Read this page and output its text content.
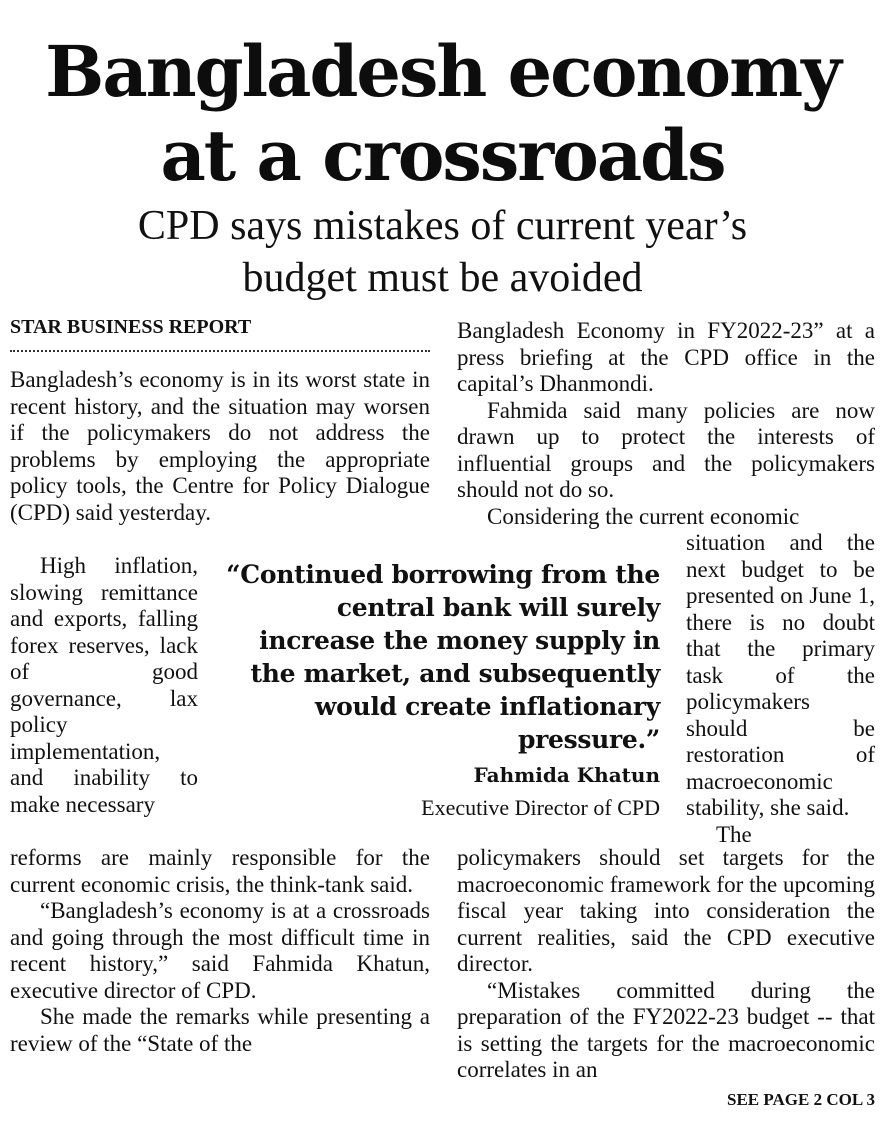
Bangladesh economy
at a crossroads
CPD says mistakes of current year’s
budget must be avoided
STAR BUSINESS REPORT

Bangladesh’s economy is in its worst state in recent history, and the situation may worsen if the policymakers do not address the problems by employing the appropriate policy tools, the Centre for Policy Dialogue (CPD) said yesterday.

High inflation, slowing remittance and exports, falling forex reserves, lack of good governance, lax policy implementation, and inability to make necessary

reforms are mainly responsible for the current economic crisis, the think-tank said.

“Bangladesh’s economy is at a crossroads and going through the most difficult time in recent history,” said Fahmida Khatun, executive director of CPD.

She made the remarks while presenting a review of the “State of the

Bangladesh Economy in FY2022-23” at a press briefing at the CPD office in the capital’s Dhanmondi.

Fahmida said many policies are now drawn up to protect the interests of influential groups and the policymakers should not do so.

Considering the current economic

situation and the next budget to be presented on June 1, there is no doubt that the primary task of the policymakers should be restoration of macroeconomic stability, she said.

The

policymakers should set targets for the macroeconomic framework for the upcoming fiscal year taking into consideration the current realities, said the CPD executive director.

“Mistakes committed during the preparation of the FY2022-23 budget -- that is setting the targets for the macroeconomic correlates in an

“Continued borrowing from the central bank will surely increase the money supply in the market, and subsequently would create inflationary pressure.”
Fahmida Khatun
Executive Director of CPD
SEE PAGE 2 COL 3
